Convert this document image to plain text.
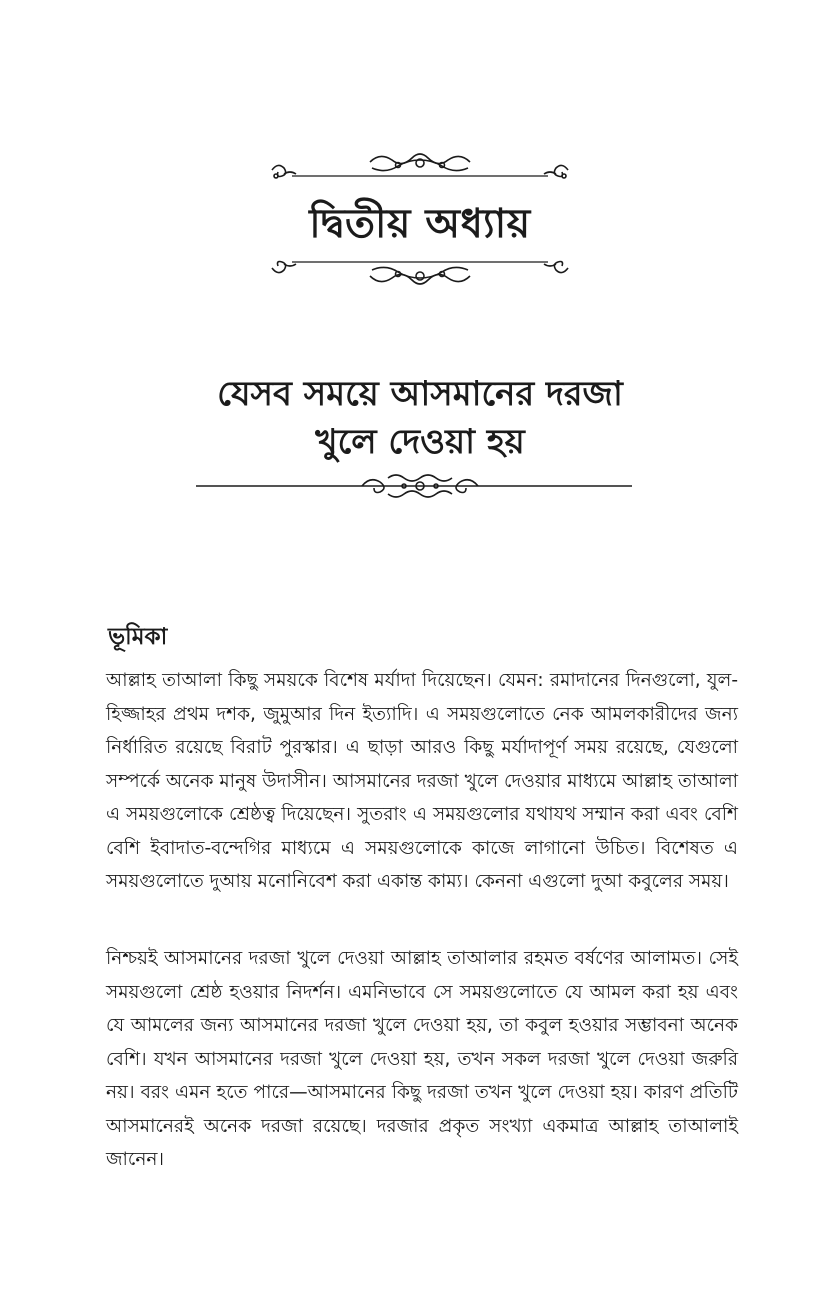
দ্বিতীয় অধ্যায়
যেসব সময়ে আসমানের দরজা
খুলে দেওয়া হয়
ভূমিকা

আল্লাহ তাআলা কিছু সময়কে বিশেষ মর্যাদা দিয়েছেন। যেমন: রমাদানের দিনগুলো, যুল-হিজ্জাহর প্রথম দশক, জুমুআর দিন ইত্যাদি। এ সময়গুলোতে নেক আমলকারীদের জন্য নির্ধারিত রয়েছে বিরাট পুরস্কার। এ ছাড়া আরও কিছু মর্যাদাপূর্ণ সময় রয়েছে, যেগুলো সম্পর্কে অনেক মানুষ উদাসীন। আসমানের দরজা খুলে দেওয়ার মাধ্যমে আল্লাহ তাআলা এ সময়গুলোকে শ্রেষ্ঠত্ব দিয়েছেন। সুতরাং এ সময়গুলোর যথাযথ সম্মান করা এবং বেশি বেশি ইবাদাত-বন্দেগির মাধ্যমে এ সময়গুলোকে কাজে লাগানো উচিত। বিশেষত এ সময়গুলোতে দুআয় মনোনিবেশ করা একান্ত কাম্য। কেননা এগুলো দুআ কবুলের সময়।

নিশ্চয়ই আসমানের দরজা খুলে দেওয়া আল্লাহ তাআলার রহমত বর্ষণের আলামত। সেই সময়গুলো শ্রেষ্ঠ হওয়ার নিদর্শন। এমনিভাবে সে সময়গুলোতে যে আমল করা হয় এবং যে আমলের জন্য আসমানের দরজা খুলে দেওয়া হয়, তা কবুল হওয়ার সম্ভাবনা অনেক বেশি। যখন আসমানের দরজা খুলে দেওয়া হয়, তখন সকল দরজা খুলে দেওয়া জরুরি নয়। বরং এমন হতে পারে—আসমানের কিছু দরজা তখন খুলে দেওয়া হয়। কারণ প্রতিটি আসমানেরই অনেক দরজা রয়েছে। দরজার প্রকৃত সংখ্যা একমাত্র আল্লাহ তাআলাই জানেন।
